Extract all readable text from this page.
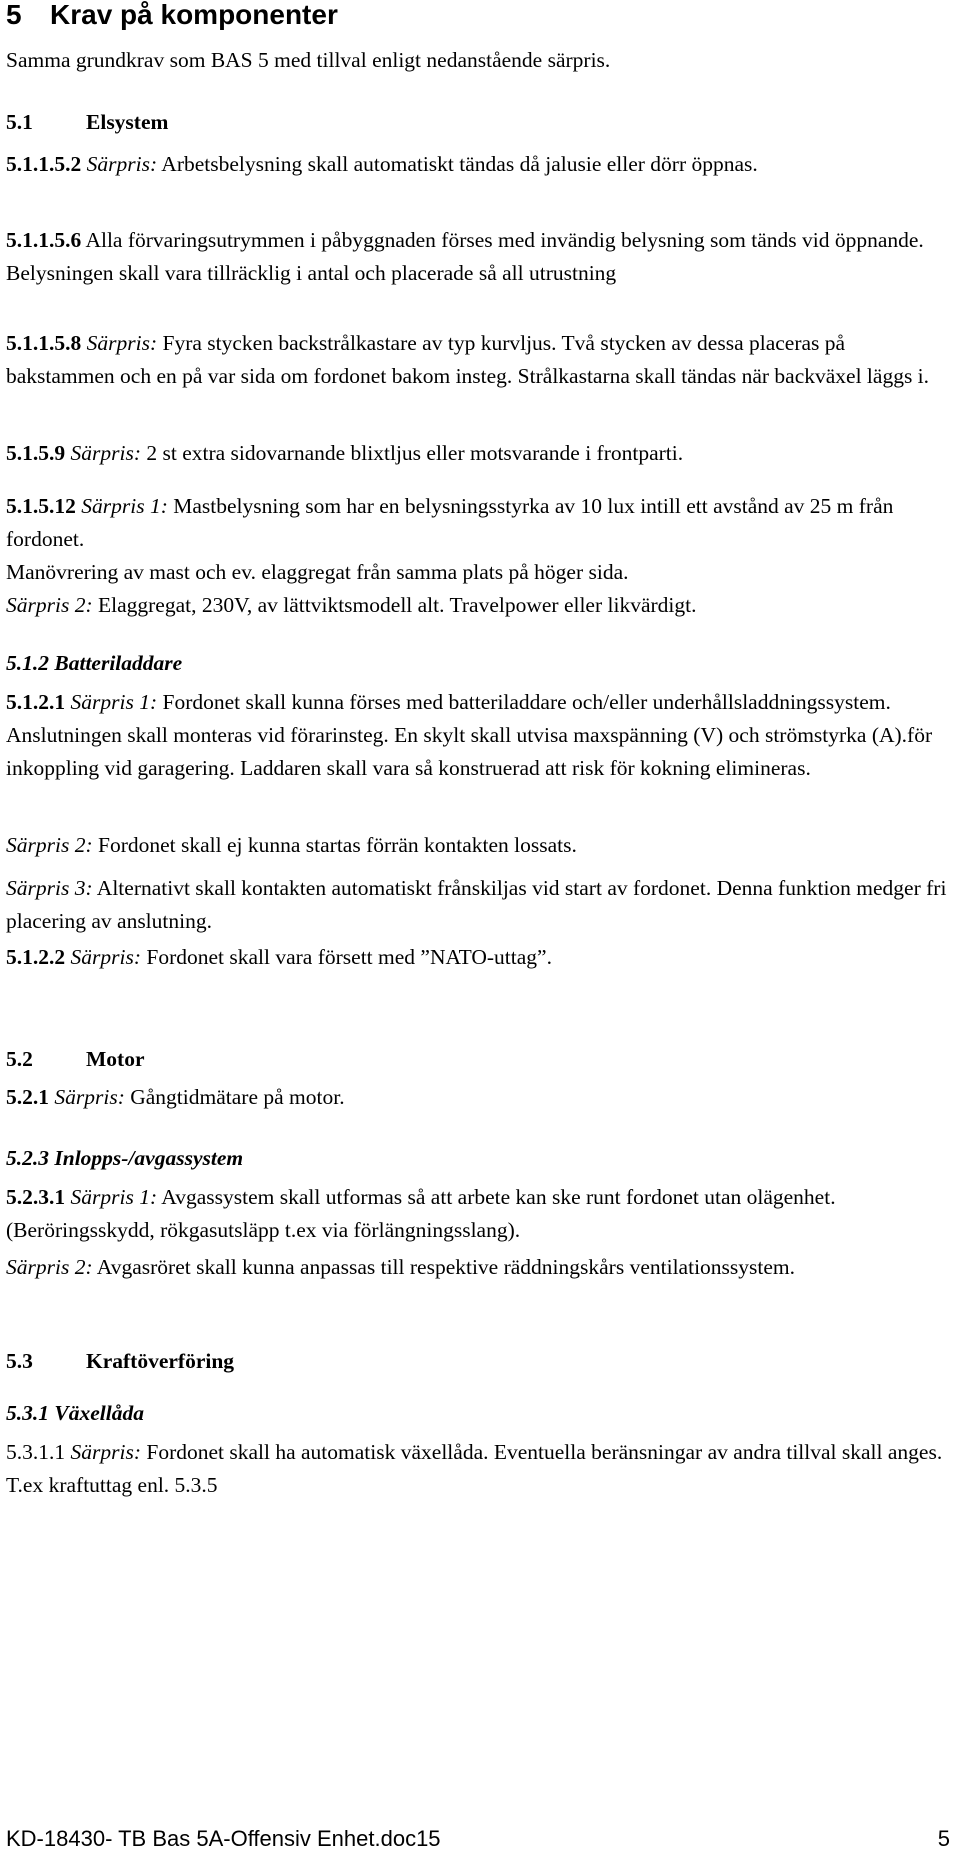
5 Krav på komponenter
Samma grundkrav som BAS 5 med tillval enligt nedanstående särpris.
5.1 Elsystem
5.1.1.5.2 Särpris: Arbetsbelysning skall automatiskt tändas då jalusie eller dörr öppnas.
5.1.1.5.6 Alla förvaringsutrymmen i påbyggnaden förses med invändig belysning som tänds vid öppnande. Belysningen skall vara tillräcklig i antal och placerade så all utrustning
5.1.1.5.8 Särpris: Fyra stycken backstrålkastare av typ kurvljus. Två stycken av dessa placeras på bakstammen och en på var sida om fordonet bakom insteg. Strålkastarna skall tändas när backväxel läggs i.
5.1.5.9 Särpris: 2 st extra sidovarnande blixtljus eller motsvarande i frontparti.
5.1.5.12 Särpris 1: Mastbelysning som har en belysningsstyrka av 10 lux intill ett avstånd av 25 m från fordonet.
Manövrering av mast och ev. elaggregat från samma plats på höger sida.
Särpris 2: Elaggregat, 230V, av lättviktsmodell alt. Travelpower eller likvärdigt.
5.1.2 Batteriladdare
5.1.2.1 Särpris 1: Fordonet skall kunna förses med batteriladdare och/eller underhållsladdningssystem. Anslutningen skall monteras vid förarinsteg. En skylt skall utvisa maxspänning (V) och strömstyrka (A).för inkoppling vid garagering. Laddaren skall vara så konstruerad att risk för kokning elimineras.
Särpris 2: Fordonet skall ej kunna startas förrän kontakten lossats.
Särpris 3: Alternativt skall kontakten automatiskt frånskiljas vid start av fordonet. Denna funktion medger fri placering av anslutning.
5.1.2.2 Särpris: Fordonet skall vara försett med ”NATO-uttag”.
5.2 Motor
5.2.1 Särpris: Gångtidmätare på motor.
5.2.3 Inlopps-/avgassystem
5.2.3.1 Särpris 1: Avgassystem skall utformas så att arbete kan ske runt fordonet utan olägenhet. (Beröringsskydd, rökgasutsläpp t.ex via förlängningsslang).
Särpris 2: Avgasröret skall kunna anpassas till respektive räddningskårs ventilationssystem.
5.3 Kraftöverföring
5.3.1 Växellåda
5.3.1.1 Särpris: Fordonet skall ha automatisk växellåda. Eventuella beränsningar av andra tillval skall anges. T.ex kraftuttag enl. 5.3.5
KD-18430- TB Bas 5A-Offensiv Enhet.doc15	5
